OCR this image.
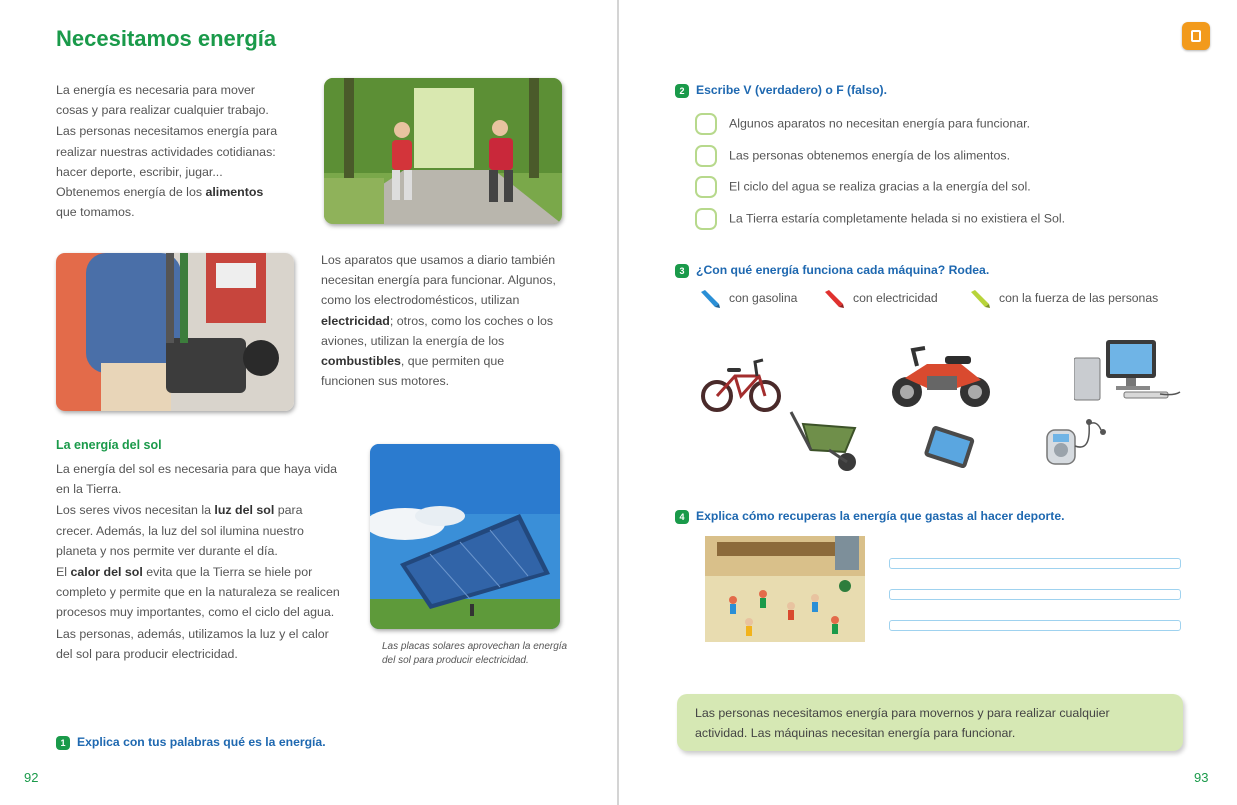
Necesitamos energía

La energía es necesaria para mover cosas y para realizar cualquier trabajo.

Las personas necesitamos energía para realizar nuestras actividades cotidianas: hacer deporte, escribir, jugar... Obtenemos energía de los alimentos que tomamos.

Los aparatos que usamos a diario también necesitan energía para funcionar. Algunos, como los electrodomésticos, utilizan electricidad; otros, como los coches o los aviones, utilizan la energía de los combustibles, que permiten que funcionen sus motores.

La energía del sol

La energía del sol es necesaria para que haya vida en la Tierra.

Los seres vivos necesitan la luz del sol para crecer. Además, la luz del sol ilumina nuestro planeta y nos permite ver durante el día.

El calor del sol evita que la Tierra se hiele por completo y permite que en la naturaleza se realicen procesos muy importantes, como el ciclo del agua.

Las personas, además, utilizamos la luz y el calor del sol para producir electricidad.

Las placas solares aprovechan la energía del sol para producir electricidad.
1 Explica con tus palabras qué es la energía.
92
2 Escribe V (verdadero) o F (falso).
Algunos aparatos no necesitan energía para funcionar.
Las personas obtenemos energía de los alimentos.
El ciclo del agua se realiza gracias a la energía del sol.
La Tierra estaría completamente helada si no existiera el Sol.
3 ¿Con qué energía funciona cada máquina? Rodea.
con gasolina	con electricidad	con la fuerza de las personas
4 Explica cómo recuperas la energía que gastas al hacer deporte.
Las personas necesitamos energía para movernos y para realizar cualquier actividad. Las máquinas necesitan energía para funcionar.
93
